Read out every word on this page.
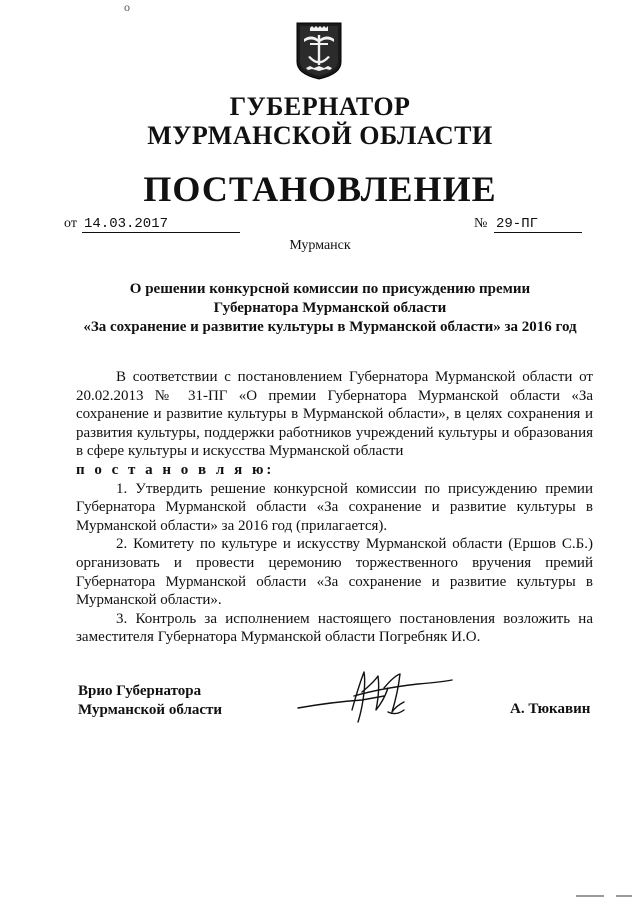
о
ГУБЕРНАТОР
МУРМАНСКОЙ ОБЛАСТИ
ПОСТАНОВЛЕНИЕ
от 14.03.2017	№ 29-ПГ
Мурманск
О решении конкурсной комиссии по присуждению премии
Губернатора Мурманской области
«За сохранение и развитие культуры в Мурманской области» за 2016 год

В соответствии с постановлением Губернатора Мурманской области от 20.02.2013 № 31-ПГ «О премии Губернатора Мурманской области «За сохранение и развитие культуры в Мурманской области», в целях сохранения и развития культуры, поддержки работников учреждений культуры и образования в сфере культуры и искусства Мурманской области

п о с т а н о в л я ю:

1. Утвердить решение конкурсной комиссии по присуждению премии Губернатора Мурманской области «За сохранение и развитие культуры в Мурманской области» за 2016 год (прилагается).

2. Комитету по культуре и искусству Мурманской области (Ершов С.Б.) организовать и провести церемонию торжественного вручения премий Губернатора Мурманской области «За сохранение и развитие культуры в Мурманской области».

3. Контроль за исполнением настоящего постановления возложить на заместителя Губернатора Мурманской области Погребняк И.О.

Врио Губернатора
Мурманской области	А. Тюкавин
